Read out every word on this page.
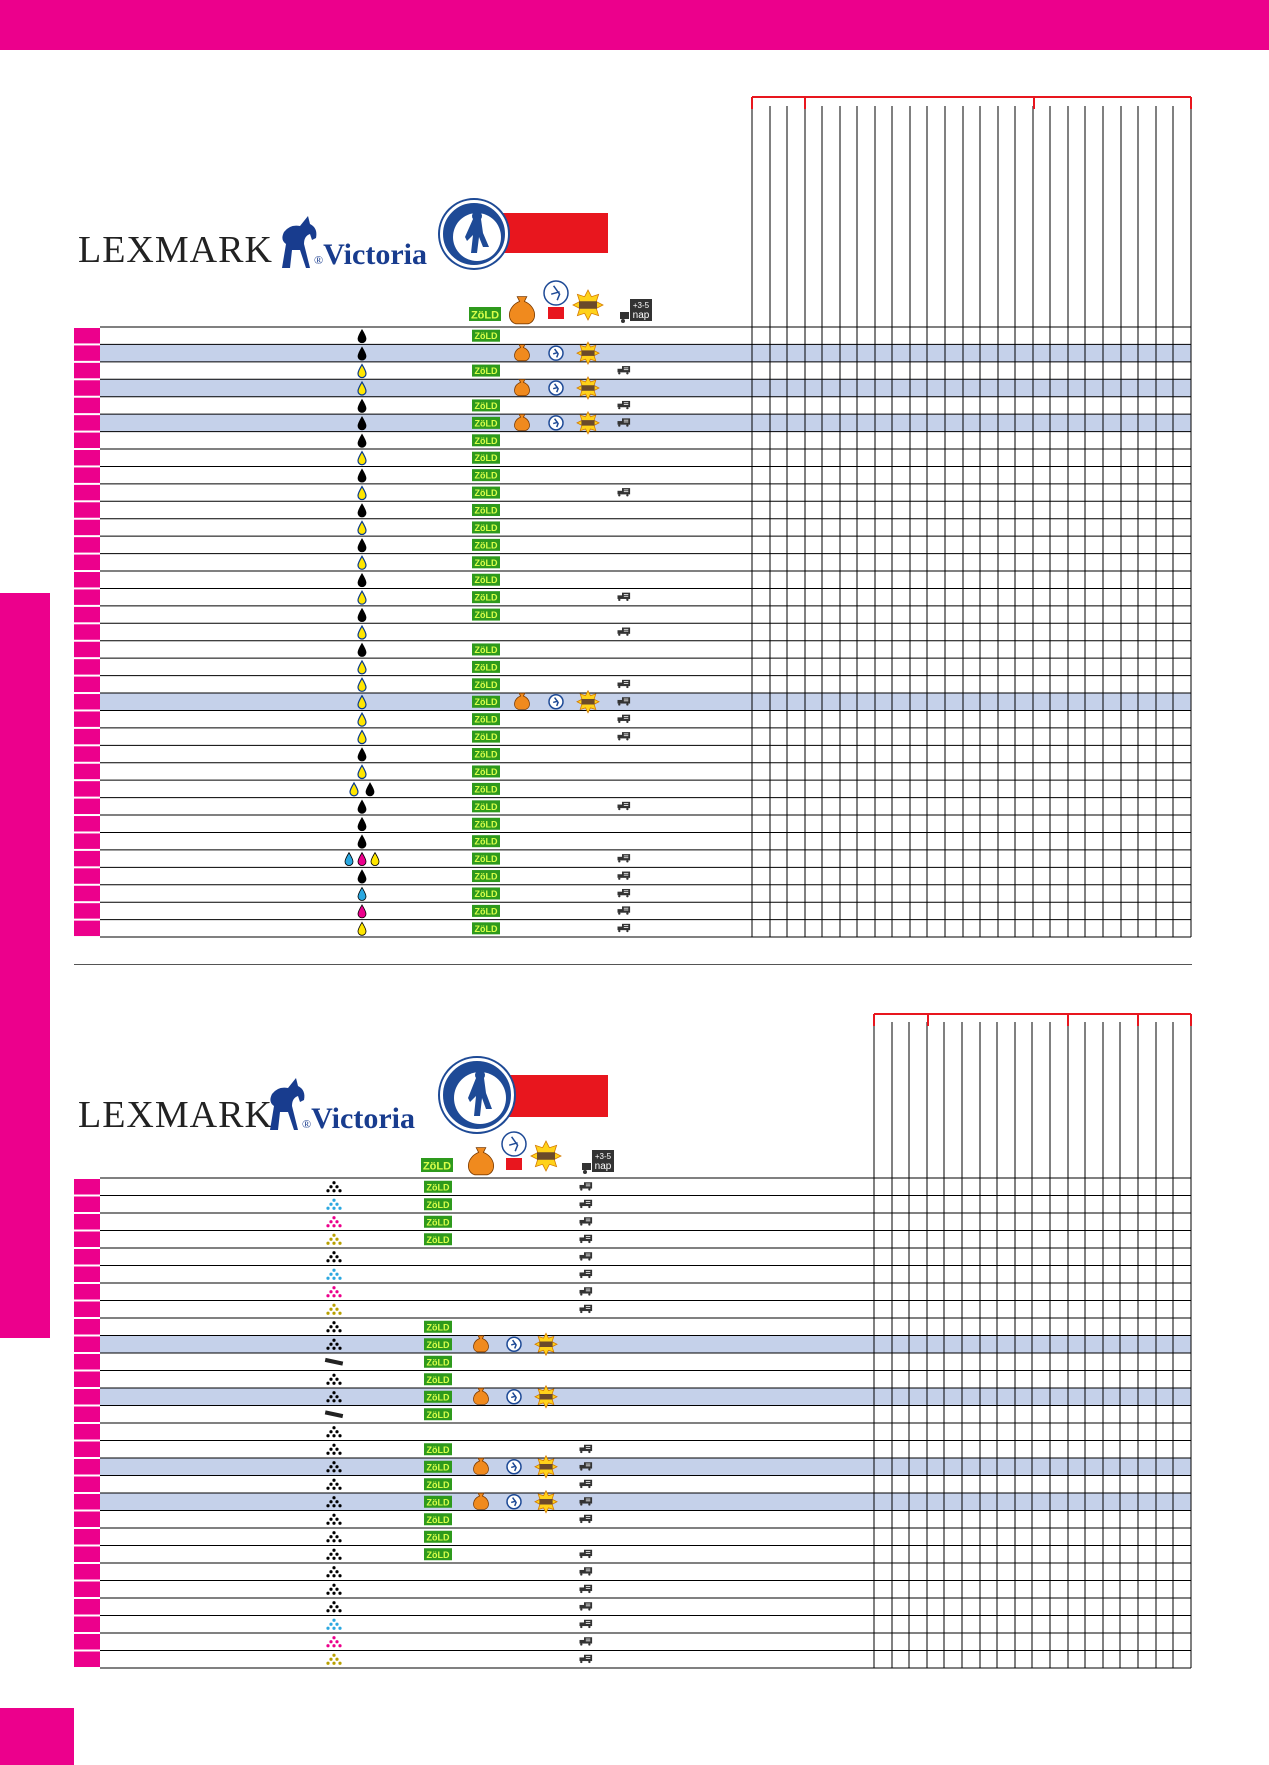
LEXMARK	®Victoria
ZöLD
ZöLD
ZöLD
ZöLD
ZöLD
ZöLD
ZöLD
ZöLD
ZöLD
ZöLD
ZöLD
ZöLD
ZöLD
ZöLD
ZöLD
ZöLD
ZöLD
ZöLD
ZöLD
ZöLD
ZöLD
ZöLD
ZöLD
ZöLD
ZöLD
ZöLD
ZöLD
ZöLD
ZöLD
ZöLD
ZöLD
ZöLD
ZöLD
+3-5
nap
LEXMARK ®Victoria
ZöLD
ZöLD
ZöLD
ZöLD
ZöLD
ZöLD
ZöLD
ZöLD
ZöLD
ZöLD
ZöLD
ZöLD
ZöLD
ZöLD
ZöLD
ZöLD
ZöLD
ZöLD
+3-5
nap
